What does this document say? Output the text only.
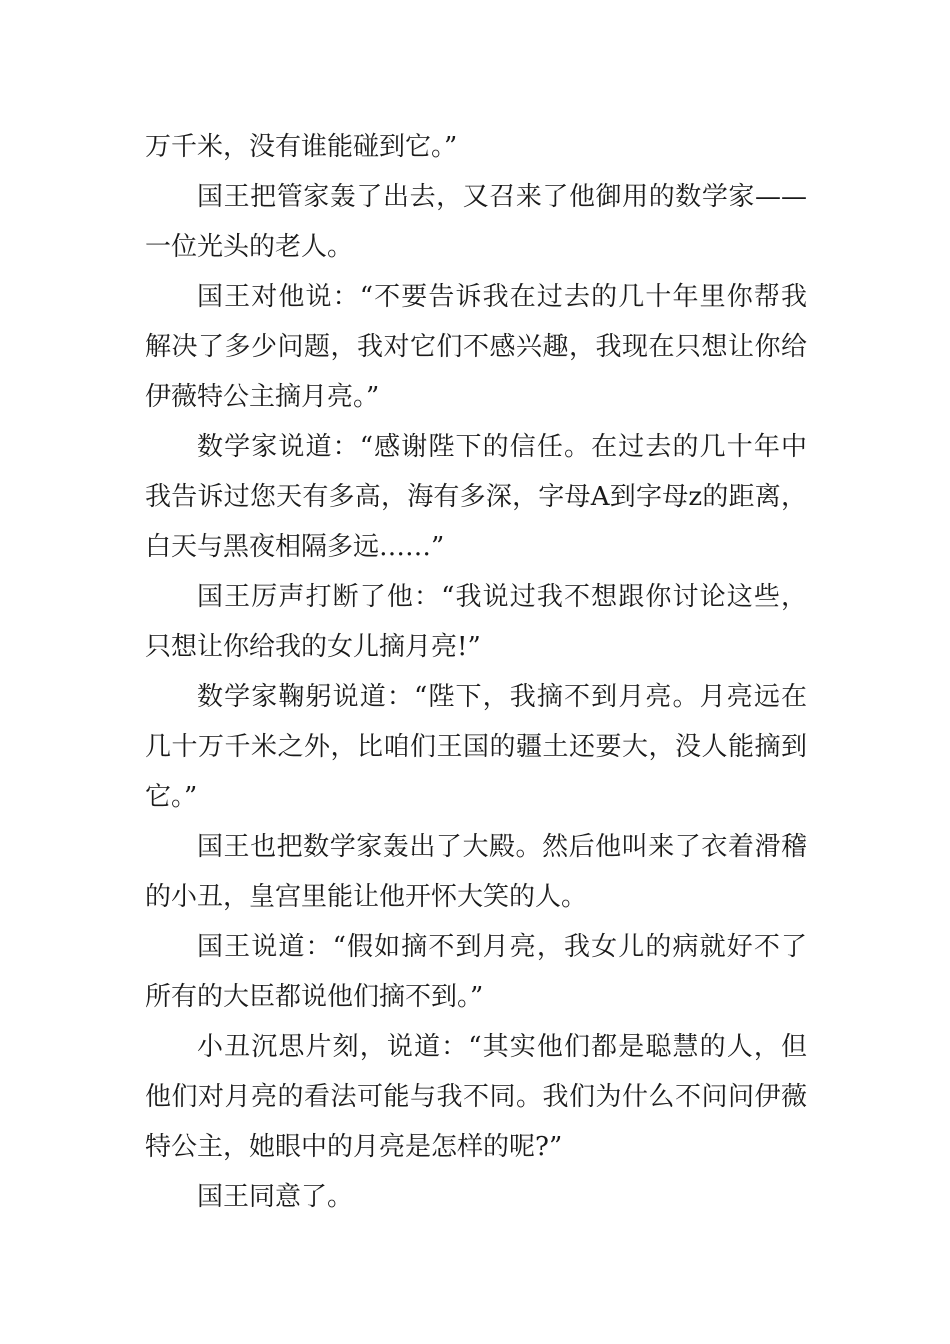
万千米，没有谁能碰到它。”

国王把管家轰了出去，又召来了他御用的数学家——一位光头的老人。

国王对他说：“不要告诉我在过去的几十年里你帮我解决了多少问题，我对它们不感兴趣，我现在只想让你给伊薇特公主摘月亮。”

数学家说道：“感谢陛下的信任。在过去的几十年中我告诉过您天有多高，海有多深，字母A到字母z的距离，白天与黑夜相隔多远……”

国王厉声打断了他：“我说过我不想跟你讨论这些，只想让你给我的女儿摘月亮!”

数学家鞠躬说道：“陛下，我摘不到月亮。月亮远在几十万千米之外，比咱们王国的疆土还要大，没人能摘到它。”

国王也把数学家轰出了大殿。然后他叫来了衣着滑稽的小丑，皇宫里能让他开怀大笑的人。

国王说道：“假如摘不到月亮，我女儿的病就好不了所有的大臣都说他们摘不到。”

小丑沉思片刻，说道：“其实他们都是聪慧的人，但他们对月亮的看法可能与我不同。我们为什么不问问伊薇特公主，她眼中的月亮是怎样的呢?”

国王同意了。
